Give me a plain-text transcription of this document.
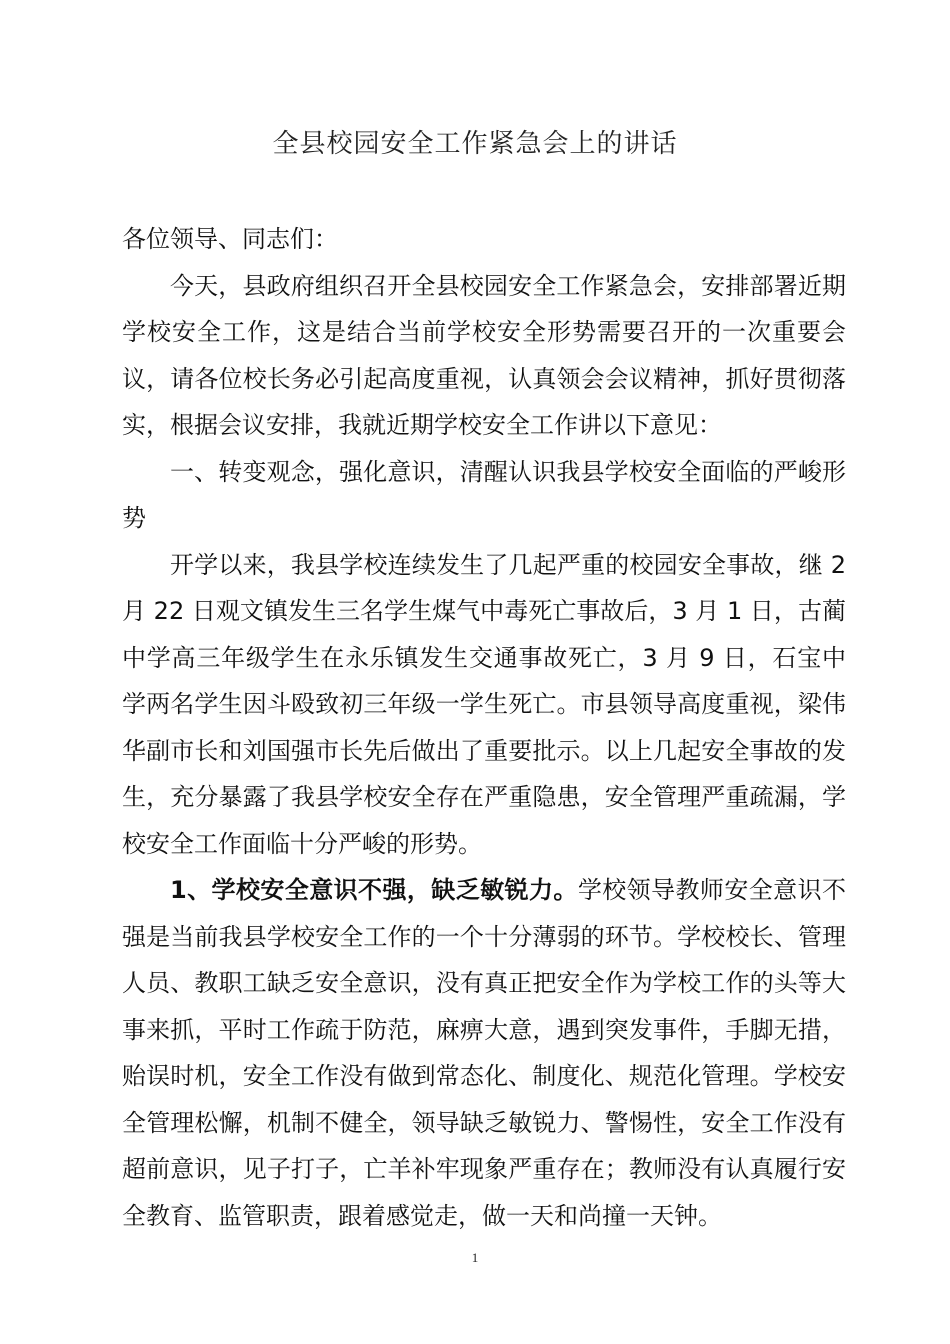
全县校园安全工作紧急会上的讲话

各位领导、同志们：

今天，县政府组织召开全县校园安全工作紧急会，安排部署近期学校安全工作，这是结合当前学校安全形势需要召开的一次重要会议，请各位校长务必引起高度重视，认真领会会议精神，抓好贯彻落实，根据会议安排，我就近期学校安全工作讲以下意见：

一、转变观念，强化意识，清醒认识我县学校安全面临的严峻形势

开学以来，我县学校连续发生了几起严重的校园安全事故，继 2 月 22 日观文镇发生三名学生煤气中毒死亡事故后，3 月 1 日，古蔺中学高三年级学生在永乐镇发生交通事故死亡，3 月 9 日，石宝中学两名学生因斗殴致初三年级一学生死亡。市县领导高度重视，梁伟华副市长和刘国强市长先后做出了重要批示。以上几起安全事故的发生，充分暴露了我县学校安全存在严重隐患，安全管理严重疏漏，学校安全工作面临十分严峻的形势。

1、学校安全意识不强，缺乏敏锐力。学校领导教师安全意识不强是当前我县学校安全工作的一个十分薄弱的环节。学校校长、管理人员、教职工缺乏安全意识，没有真正把安全作为学校工作的头等大事来抓，平时工作疏于防范，麻痹大意，遇到突发事件，手脚无措，贻误时机，安全工作没有做到常态化、制度化、规范化管理。学校安全管理松懈，机制不健全，领导缺乏敏锐力、警惕性，安全工作没有超前意识，见子打子，亡羊补牢现象严重存在；教师没有认真履行安全教育、监管职责，跟着感觉走，做一天和尚撞一天钟。

1
